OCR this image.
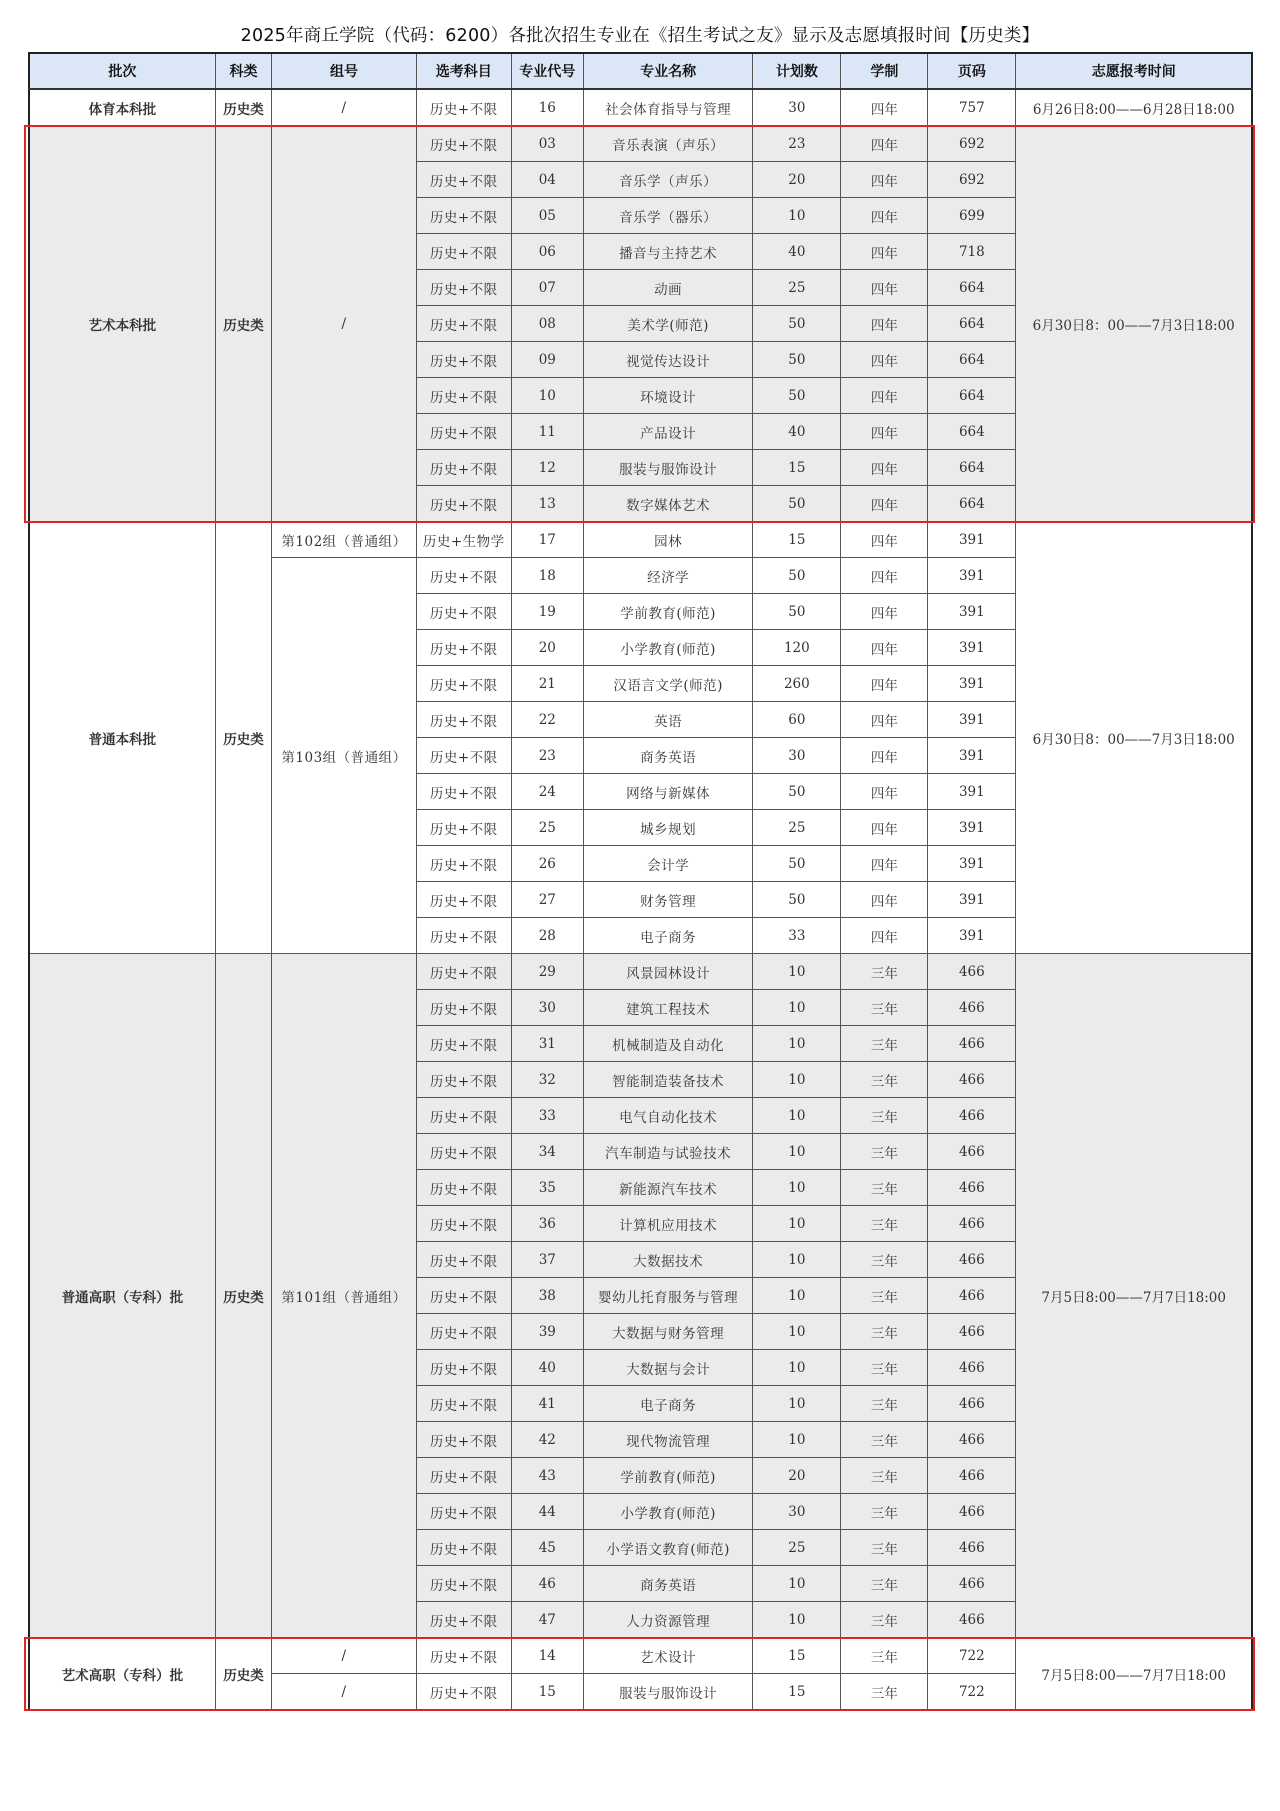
2025年商丘学院（代码：6200）各批次招生专业在《招生考试之友》显示及志愿填报时间【历史类】
批次	科类	组号	选考科目	专业代号	专业名称	计划数	学制	页码	志愿报考时间
体育本科批	历史类	/	历史+不限	16	社会体育指导与管理	30	四年	757	6月26日8:00——6月28日18:00
艺术本科批	历史类	/	历史+不限	03	音乐表演（声乐）	23	四年	692	6月30日8：00——7月3日18:00
			历史+不限	04	音乐学（声乐）	20	四年	692	
			历史+不限	05	音乐学（器乐）	10	四年	699	
			历史+不限	06	播音与主持艺术	40	四年	718	
			历史+不限	07	动画	25	四年	664	
			历史+不限	08	美术学(师范)	50	四年	664	
			历史+不限	09	视觉传达设计	50	四年	664	
			历史+不限	10	环境设计	50	四年	664	
			历史+不限	11	产品设计	40	四年	664	
			历史+不限	12	服装与服饰设计	15	四年	664	
			历史+不限	13	数字媒体艺术	50	四年	664	
普通本科批	历史类	第102组（普通组）	历史+生物学	17	园林	15	四年	391	6月30日8：00——7月3日18:00
		第103组（普通组）	历史+不限	18	经济学	50	四年	391	
			历史+不限	19	学前教育(师范)	50	四年	391	
			历史+不限	20	小学教育(师范)	120	四年	391	
			历史+不限	21	汉语言文学(师范)	260	四年	391	
			历史+不限	22	英语	60	四年	391	
			历史+不限	23	商务英语	30	四年	391	
			历史+不限	24	网络与新媒体	50	四年	391	
			历史+不限	25	城乡规划	25	四年	391	
			历史+不限	26	会计学	50	四年	391	
			历史+不限	27	财务管理	50	四年	391	
			历史+不限	28	电子商务	33	四年	391	
普通高职（专科）批	历史类	第101组（普通组）	历史+不限	29	风景园林设计	10	三年	466	7月5日8:00——7月7日18:00
			历史+不限	30	建筑工程技术	10	三年	466	
			历史+不限	31	机械制造及自动化	10	三年	466	
			历史+不限	32	智能制造装备技术	10	三年	466	
			历史+不限	33	电气自动化技术	10	三年	466	
			历史+不限	34	汽车制造与试验技术	10	三年	466	
			历史+不限	35	新能源汽车技术	10	三年	466	
			历史+不限	36	计算机应用技术	10	三年	466	
			历史+不限	37	大数据技术	10	三年	466	
			历史+不限	38	婴幼儿托育服务与管理	10	三年	466	
			历史+不限	39	大数据与财务管理	10	三年	466	
			历史+不限	40	大数据与会计	10	三年	466	
			历史+不限	41	电子商务	10	三年	466	
			历史+不限	42	现代物流管理	10	三年	466	
			历史+不限	43	学前教育(师范)	20	三年	466	
			历史+不限	44	小学教育(师范)	30	三年	466	
			历史+不限	45	小学语文教育(师范)	25	三年	466	
			历史+不限	46	商务英语	10	三年	466	
			历史+不限	47	人力资源管理	10	三年	466	
艺术高职（专科）批	历史类	/	历史+不限	14	艺术设计	15	三年	722	7月5日8:00——7月7日18:00
		/	历史+不限	15	服装与服饰设计	15	三年	722	
